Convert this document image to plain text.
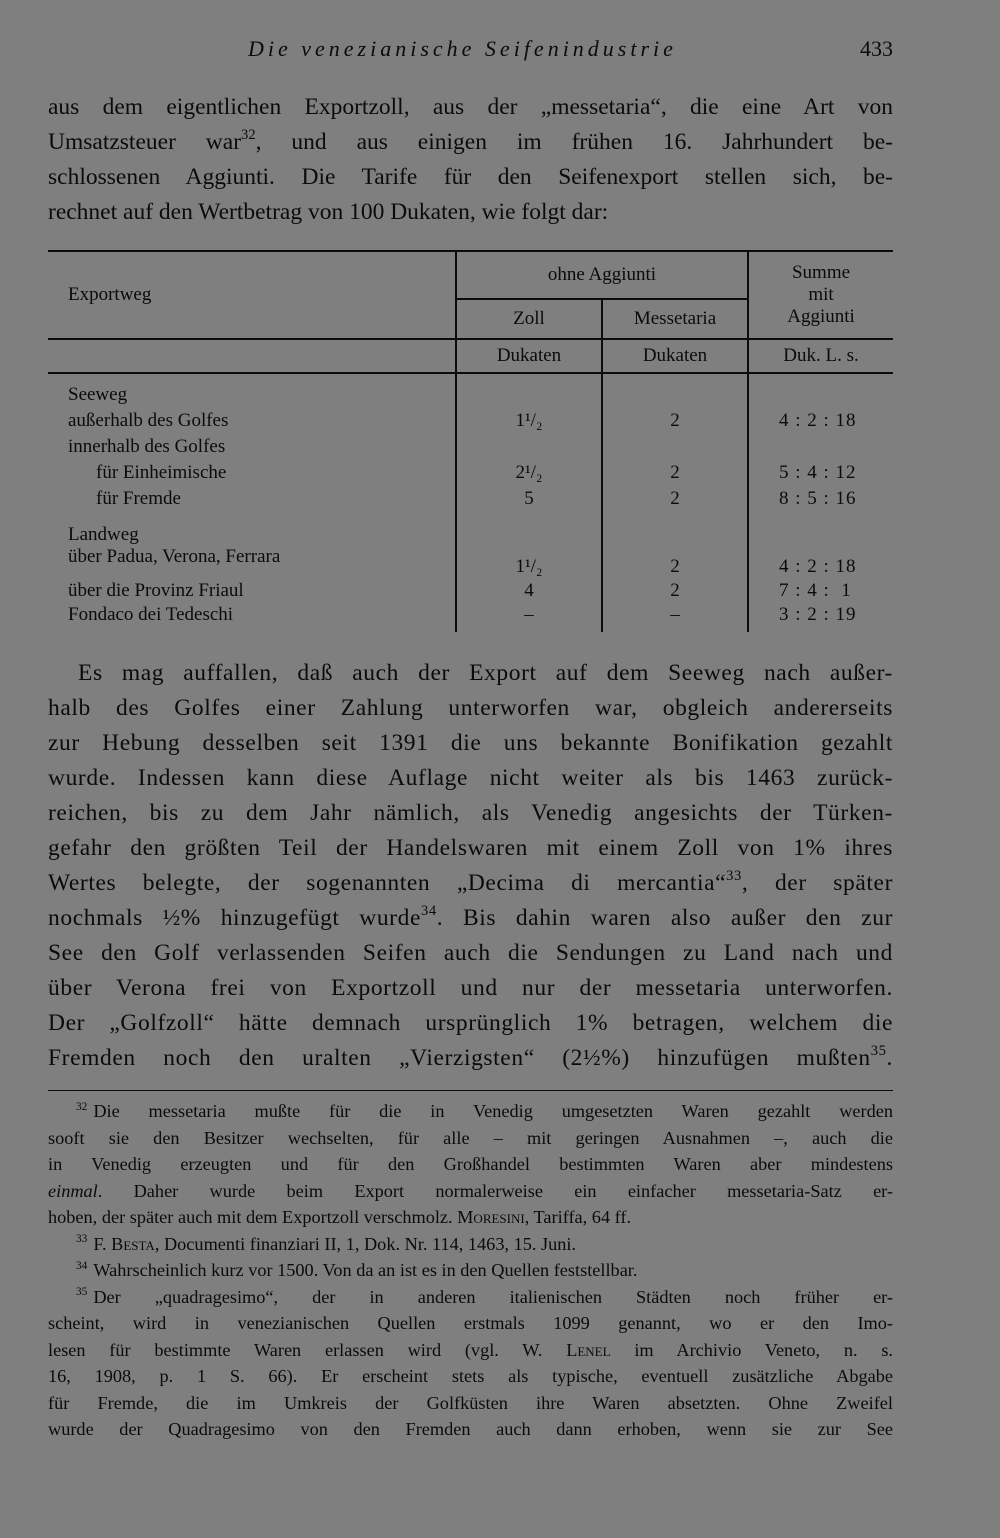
Die venezianische Seifenindustrie	433

aus dem eigentlichen Exportzoll, aus der „messetaria“, die eine Art von
Umsatzsteuer war$^{32}$, und aus einigen im frühen 16. Jahrhundert be-
schlossenen Aggiunti. Die Tarife für den Seifenexport stellen sich, be-
rechnet auf den Wertbetrag von 100 Dukaten, wie folgt dar:

Exportweg	ohne Aggiunti		Summe
mit
Aggiunti

	Zoll	Messetaria	
	Dukaten	Dukaten	Duk. L. s.

Seeweg			
außerhalb des Golfes	1¹/₂	2	4 : 2 : 18
innerhalb des Golfes			
für Einheimische	2¹/₂	2	5 : 4 : 12
für Fremde	5	2	8 : 5 : 16
Landweg			
über Padua, Verona, Ferrara	1¹/₂	2	4 : 2 : 18
über die Provinz Friaul	4	2	7 : 4 :  1
Fondaco dei Tedeschi	–	–	3 : 2 : 19

Es mag auffallen, daß auch der Export auf dem Seeweg nach außer-
halb des Golfes einer Zahlung unterworfen war, obgleich andererseits
zur Hebung desselben seit 1391 die uns bekannte Bonifikation gezahlt
wurde. Indessen kann diese Auflage nicht weiter als bis 1463 zurück-
reichen, bis zu dem Jahr nämlich, als Venedig angesichts der Türken-
gefahr den größten Teil der Handelswaren mit einem Zoll von 1% ihres
Wertes belegte, der sogenannten „Decima di mercantia“$^{33}$, der später
nochmals ½% hinzugefügt wurde$^{34}$. Bis dahin waren also außer den zur
See den Golf verlassenden Seifen auch die Sendungen zu Land nach und
über Verona frei von Exportzoll und nur der messetaria unterworfen.
Der „Golfzoll“ hätte demnach ursprünglich 1% betragen, welchem die
Fremden noch den uralten „Vierzigsten“ (2½%) hinzufügen mußten$^{35}$.

$^{32}$ Die messetaria mußte für die in Venedig umgesetzten Waren gezahlt werden
sooft sie den Besitzer wechselten, für alle – mit geringen Ausnahmen –, auch die
in Venedig erzeugten und für den Großhandel bestimmten Waren aber mindestens
einmal. Daher wurde beim Export normalerweise ein einfacher messetaria-Satz er-
hoben, der später auch mit dem Exportzoll verschmolz. Moresini, Tariffa, 64 ff.
$^{33}$ F. Besta, Documenti finanziari II, 1, Dok. Nr. 114, 1463, 15. Juni.
$^{34}$ Wahrscheinlich kurz vor 1500. Von da an ist es in den Quellen feststellbar.
$^{35}$ Der „quadragesimo“, der in anderen italienischen Städten noch früher er-
scheint, wird in venezianischen Quellen erstmals 1099 genannt, wo er den Imo-
lesen für bestimmte Waren erlassen wird (vgl. W. Lenel im Archivio Veneto, n. s.
16, 1908, p. 1 S. 66). Er erscheint stets als typische, eventuell zusätzliche Abgabe
für Fremde, die im Umkreis der Golfküsten ihre Waren absetzten. Ohne Zweifel
wurde der Quadragesimo von den Fremden auch dann erhoben, wenn sie zur See
